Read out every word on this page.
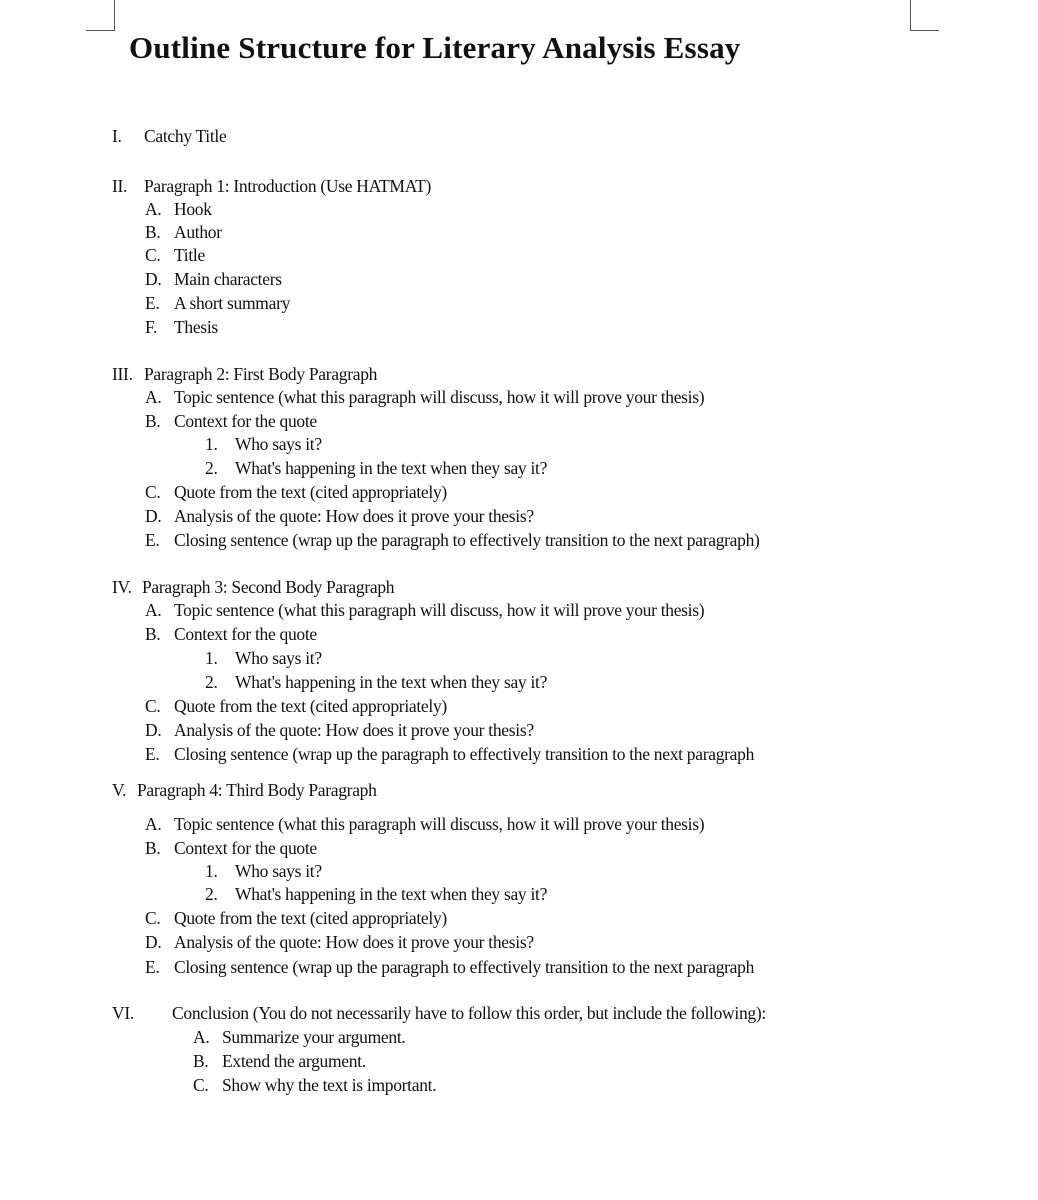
Outline Structure for Literary Analysis Essay
I. Catchy Title
II. Paragraph 1: Introduction (Use HATMAT)
A. Hook
B. Author
C. Title
D. Main characters
E. A short summary
F. Thesis
III. Paragraph 2: First Body Paragraph
A. Topic sentence (what this paragraph will discuss, how it will prove your thesis)
B. Context for the quote
1. Who says it?
2. What's happening in the text when they say it?
C. Quote from the text (cited appropriately)
D. Analysis of the quote: How does it prove your thesis?
E. Closing sentence (wrap up the paragraph to effectively transition to the next paragraph)
IV. Paragraph 3: Second Body Paragraph
A. Topic sentence (what this paragraph will discuss, how it will prove your thesis)
B. Context for the quote
1. Who says it?
2. What's happening in the text when they say it?
C. Quote from the text (cited appropriately)
D. Analysis of the quote: How does it prove your thesis?
E. Closing sentence (wrap up the paragraph to effectively transition to the next paragraph
V. Paragraph 4: Third Body Paragraph
A. Topic sentence (what this paragraph will discuss, how it will prove your thesis)
B. Context for the quote
1. Who says it?
2. What's happening in the text when they say it?
C. Quote from the text (cited appropriately)
D. Analysis of the quote: How does it prove your thesis?
E. Closing sentence (wrap up the paragraph to effectively transition to the next paragraph
VI. Conclusion (You do not necessarily have to follow this order, but include the following):
A. Summarize your argument.
B. Extend the argument.
C. Show why the text is important.
